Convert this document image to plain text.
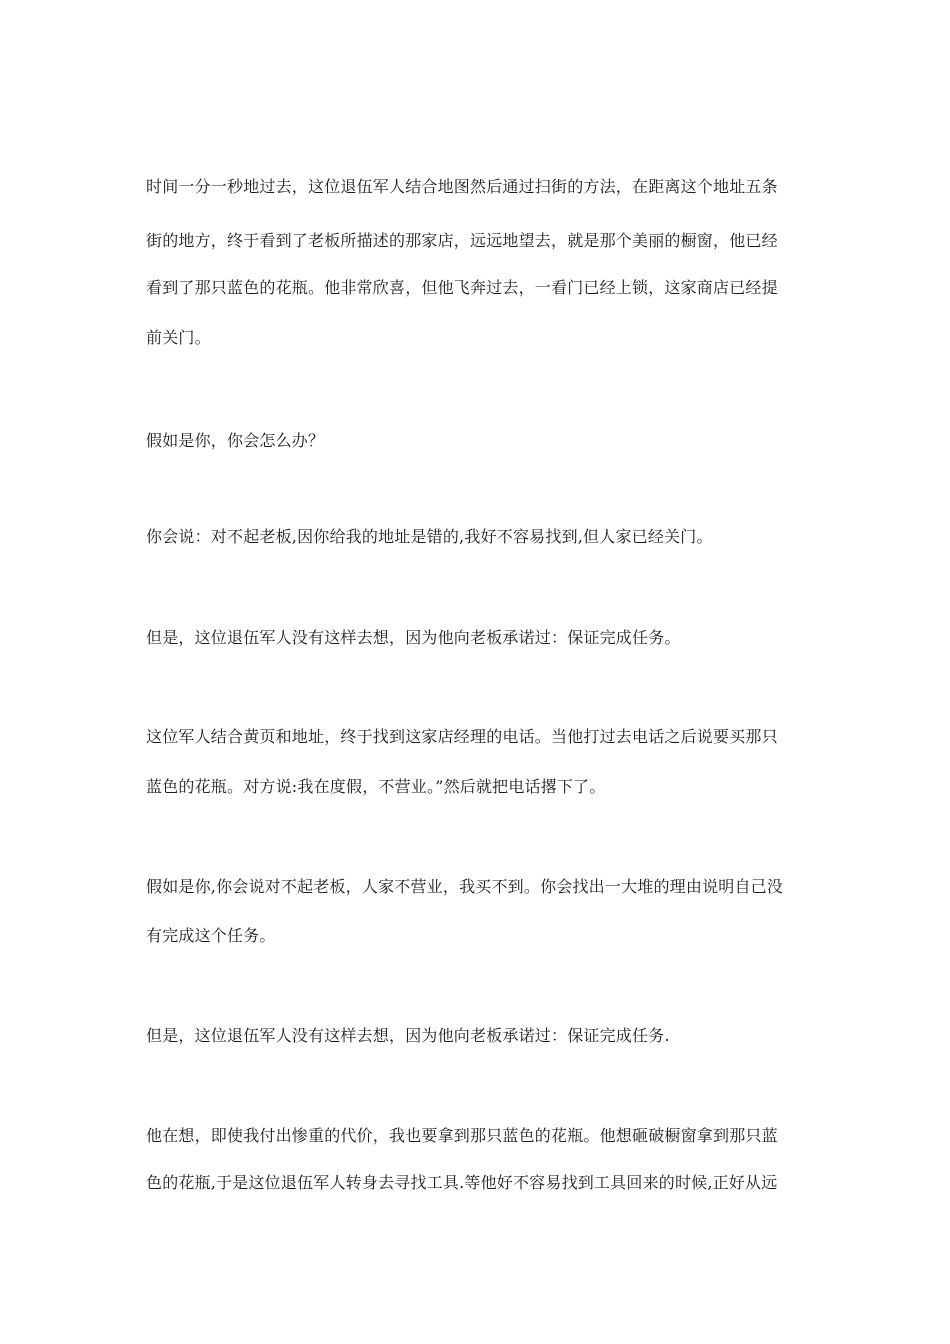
时间一分一秒地过去，这位退伍军人结合地图然后通过扫街的方法，在距离这个地址五条

街的地方，终于看到了老板所描述的那家店，远远地望去，就是那个美丽的橱窗，他已经

看到了那只蓝色的花瓶。他非常欣喜，但他飞奔过去，一看门已经上锁，这家商店已经提

前关门。

假如是你，你会怎么办？

你会说：对不起老板,因你给我的地址是错的,我好不容易找到,但人家已经关门。

但是，这位退伍军人没有这样去想，因为他向老板承诺过：保证完成任务。

这位军人结合黄页和地址，终于找到这家店经理的电话。当他打过去电话之后说要买那只

蓝色的花瓶。对方说:我在度假，不营业。”然后就把电话撂下了。

假如是你,你会说对不起老板，人家不营业，我买不到。你会找出一大堆的理由说明自己没

有完成这个任务。

但是，这位退伍军人没有这样去想，因为他向老板承诺过：保证完成任务.

他在想，即使我付出惨重的代价，我也要拿到那只蓝色的花瓶。他想砸破橱窗拿到那只蓝

色的花瓶,于是这位退伍军人转身去寻找工具.等他好不容易找到工具回来的时候,正好从远
